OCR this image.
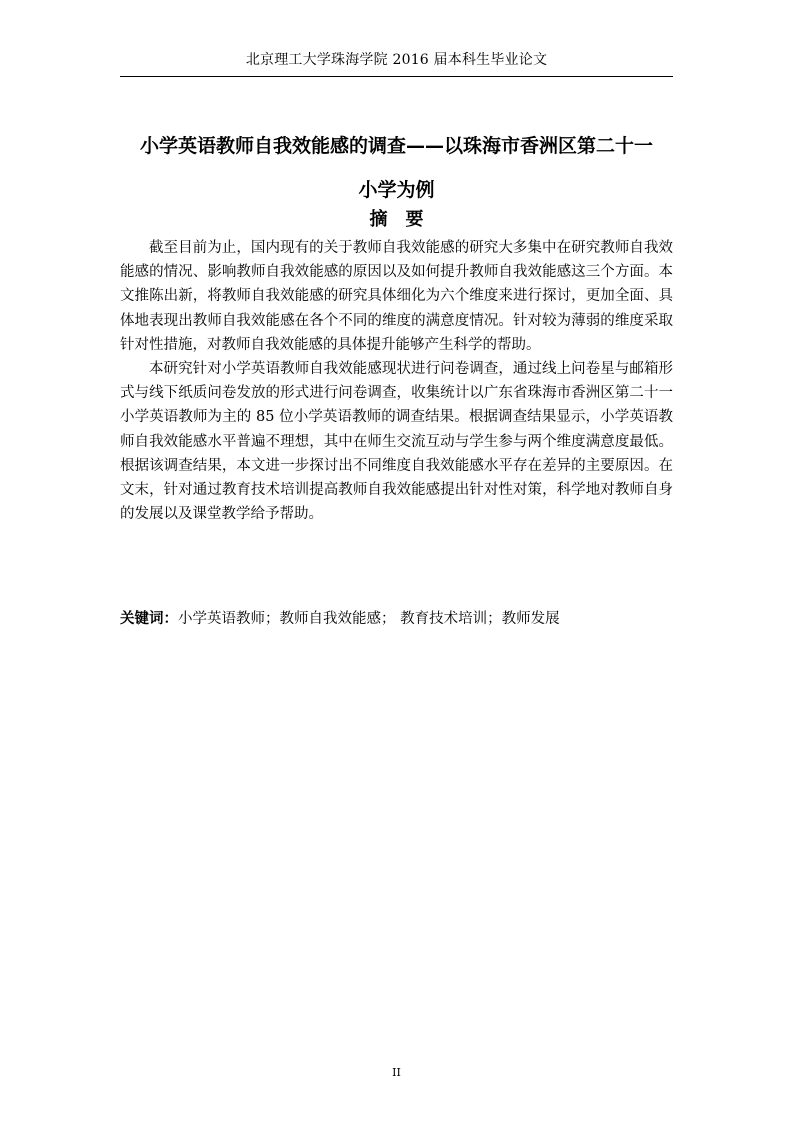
北京理工大学珠海学院 2016 届本科生毕业论文
小学英语教师自我效能感的调查——以珠海市香洲区第二十一
小学为例
摘要

截至目前为止，国内现有的关于教师自我效能感的研究大多集中在研究教师自我效能感的情况、影响教师自我效能感的原因以及如何提升教师自我效能感这三个方面。本文推陈出新，将教师自我效能感的研究具体细化为六个维度来进行探讨，更加全面、具体地表现出教师自我效能感在各个不同的维度的满意度情况。针对较为薄弱的维度采取针对性措施，对教师自我效能感的具体提升能够产生科学的帮助。

本研究针对小学英语教师自我效能感现状进行问卷调查，通过线上问卷星与邮箱形式与线下纸质问卷发放的形式进行问卷调查，收集统计以广东省珠海市香洲区第二十一小学英语教师为主的 85 位小学英语教师的调查结果。根据调查结果显示，小学英语教师自我效能感水平普遍不理想，其中在师生交流互动与学生参与两个维度满意度最低。根据该调查结果，本文进一步探讨出不同维度自我效能感水平存在差异的主要原因。在文末，针对通过教育技术培训提高教师自我效能感提出针对性对策，科学地对教师自身的发展以及课堂教学给予帮助。

关键词：小学英语教师；教师自我效能感； 教育技术培训；教师发展
II
